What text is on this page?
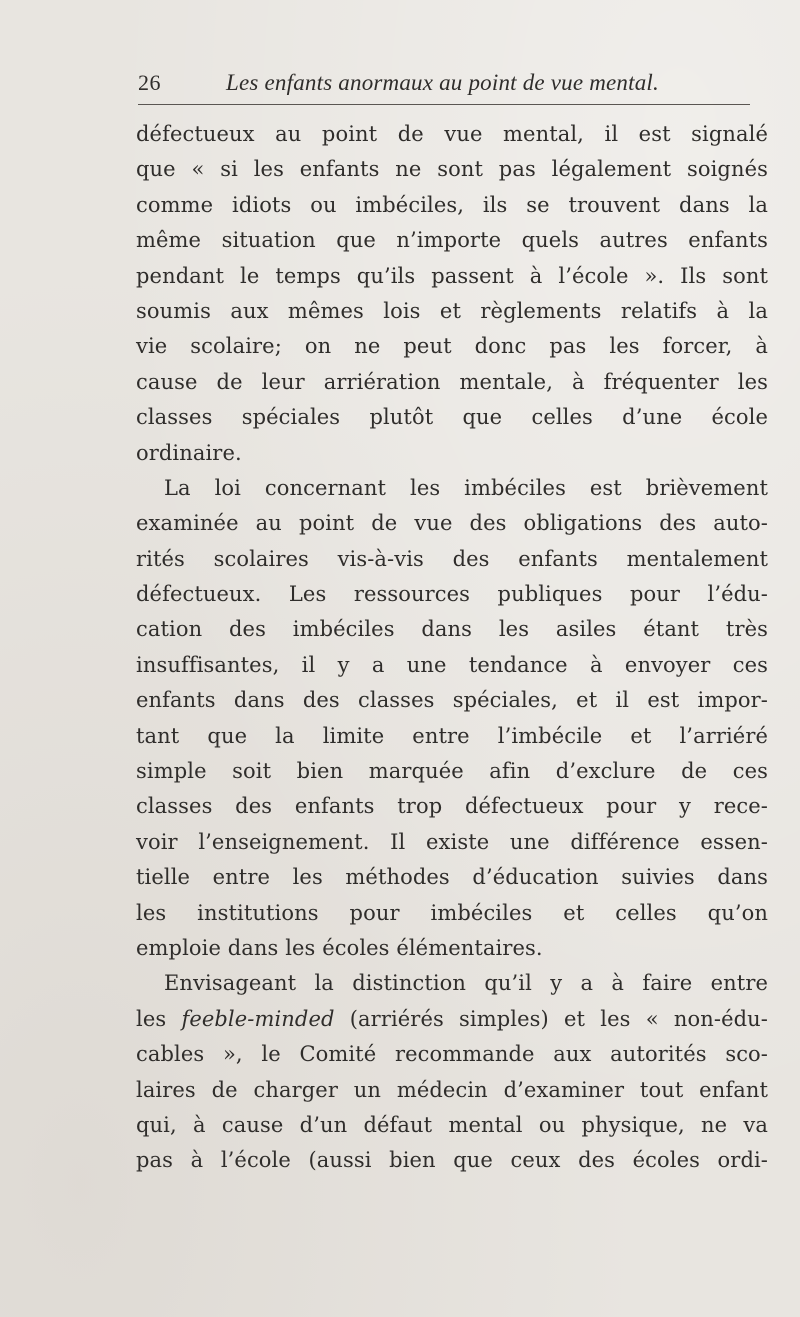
26	Les enfants anormaux au point de vue mental.
défectueux au point de vue mental, il est signalé
que « si les enfants ne sont pas légalement soignés
comme idiots ou imbéciles, ils se trouvent dans la
même situation que n’importe quels autres enfants
pendant le temps qu’ils passent à l’école ». Ils sont
soumis aux mêmes lois et règlements relatifs à la
vie scolaire; on ne peut donc pas les forcer, à
cause de leur arriération mentale, à fréquenter les
classes spéciales plutôt que celles d’une école
ordinaire.
La loi concernant les imbéciles est brièvement
examinée au point de vue des obligations des auto-
rités scolaires vis-à-vis des enfants mentalement
défectueux. Les ressources publiques pour l’édu-
cation des imbéciles dans les asiles étant très
insuffisantes, il y a une tendance à envoyer ces
enfants dans des classes spéciales, et il est impor-
tant que la limite entre l’imbécile et l’arriéré
simple soit bien marquée afin d’exclure de ces
classes des enfants trop défectueux pour y rece-
voir l’enseignement. Il existe une différence essen-
tielle entre les méthodes d’éducation suivies dans
les institutions pour imbéciles et celles qu’on
emploie dans les écoles élémentaires.
Envisageant la distinction qu’il y a à faire entre
les feeble-minded (arriérés simples) et les « non-édu-
cables », le Comité recommande aux autorités sco-
laires de charger un médecin d’examiner tout enfant
qui, à cause d’un défaut mental ou physique, ne va
pas à l’école (aussi bien que ceux des écoles ordi-
